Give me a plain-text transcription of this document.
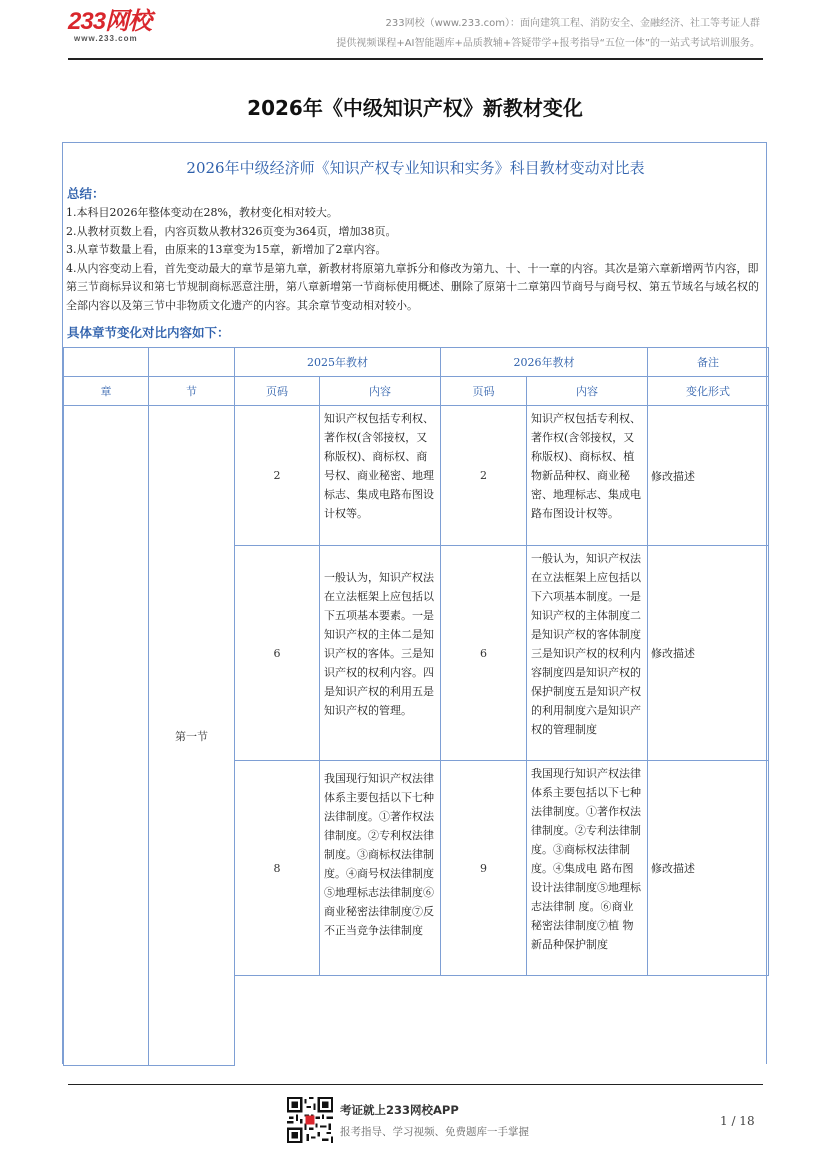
233网校
www.233.com
233网校（www.233.com）：面向建筑工程、消防安全、金融经济、社工等考证人群
提供视频课程+AI智能题库+品质教辅+答疑带学+报考指导“五位一体”的一站式考试培训服务。
2026年《中级知识产权》新教材变化
2026年中级经济师《知识产权专业知识和实务》科目教材变动对比表
总结：
1.本科目2026年整体变动在28%，教材变化相对较大。
2.从教材页数上看，内容页数从教材326页变为364页，增加38页。
3.从章节数量上看，由原来的13章变为15章，新增加了2章内容。
4.从内容变动上看，首先变动最大的章节是第九章，新教材将原第九章拆分和修改为第九、十、十一章的内容。其次是第六章新增两节内容，即第三节商标异议和第七节规制商标恶意注册，第八章新增第一节商标使用概述、删除了原第十二章第四节商号与商号权、第五节域名与域名权的全部内容以及第三节中非物质文化遗产的内容。其余章节变动相对较小。
具体章节变化对比内容如下：
		2025年教材		2026年教材		备注
章	节	页码	内容	页码	内容	变化形式
	第一节	2	知识产权包括专利权、著作权(含邻接权，又称版权)、商标权、商号权、商业秘密、地理标志、集成电路布图设计权等。	2	知识产权包括专利权、著作权(含邻接权，又称版权)、商标权、植物新品种权、商业秘密、地理标志、集成电路布图设计权等。	修改描述
		6	一般认为，知识产权法在立法框架上应包括以下五项基本要素。一是知识产权的主体二是知识产权的客体。三是知识产权的权利内容。四是知识产权的利用五是知识产权的管理。	6	一般认为，知识产权法在立法框架上应包括以下六项基本制度。一是知识产权的主体制度二是知识产权的客体制度三是知识产权的权利内容制度四是知识产权的保护制度五是知识产权的利用制度六是知识产权的管理制度	修改描述
		8	我国现行知识产权法律体系主要包括以下七种法律制度。①著作权法律制度。②专利权法律制度。③商标权法律制度。④商号权法律制度⑤地理标志法律制度⑥商业秘密法律制度⑦反不正当竞争法律制度	9	我国现行知识产权法律体系主要包括以下七种法律制度。①著作权法律制度。②专利法律制度。③商标权法律制度。④集成电 路布图设计法律制度⑤地理标志法律制 度。⑥商业秘密法律制度⑦植 物新品种保护制度	修改描述

考证就上233网校APP
报考指导、学习视频、免费题库一手掌握
1 / 18
